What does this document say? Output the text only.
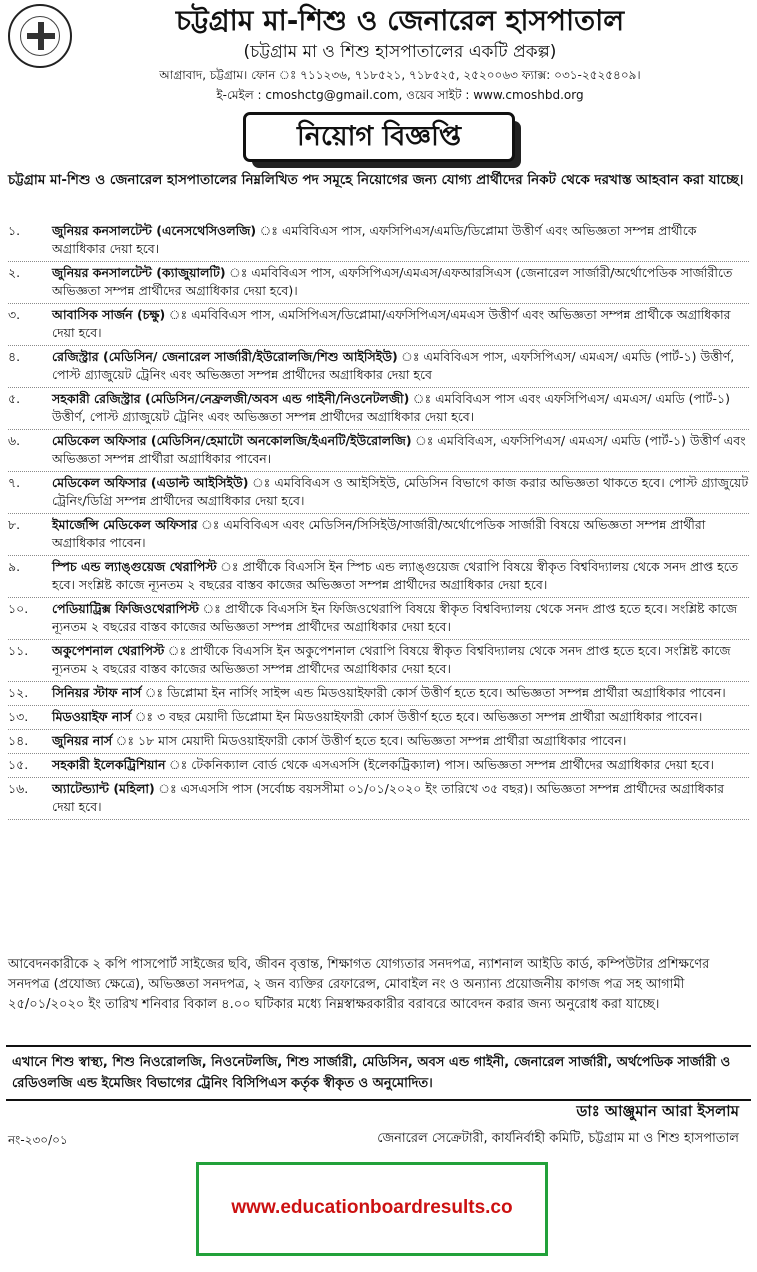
চট্টগ্রাম মা-শিশু ও জেনারেল হাসপাতাল
(চট্টগ্রাম মা ও শিশু হাসপাতালের একটি প্রকল্প)
আগ্রাবাদ, চট্টগ্রাম। ফোন ঃ ৭১১২৩৬, ৭১৮৫২১, ৭১৮৫২৫, ২৫২০০৬৩ ফ্যাক্স: ০৩১-২৫২৫৪০৯।
ই-মেইল : cmoshctg@gmail.com, ওয়েব সাইট : www.cmoshbd.org
নিয়োগ বিজ্ঞপ্তি
চট্টগ্রাম মা-শিশু ও জেনারেল হাসপাতালের নিম্নলিখিত পদ সমূহে নিয়োগের জন্য যোগ্য প্রার্থীদের নিকট থেকে দরখাস্ত আহবান করা যাচ্ছে।
১.	জুনিয়র কনসালটেন্ট (এনেসথেসিওলজি) ঃ এমবিবিএস পাস, এফসিপিএস/এমডি/ডিপ্লোমা উত্তীর্ণ এবং অভিজ্ঞতা সম্পন্ন প্রার্থীকে অগ্রাধিকার দেয়া হবে।
২.	জুনিয়র কনসালটেন্ট (ক্যাজুয়ালটি) ঃ এমবিবিএস পাস, এফসিপিএস/এমএস/এফআরসিএস (জেনারেল সার্জারী/অর্থোপেডিক সার্জারীতে অভিজ্ঞতা সম্পন্ন প্রার্থীদের অগ্রাধিকার দেয়া হবে)।
৩.	আবাসিক সার্জন (চক্ষু) ঃ এমবিবিএস পাস, এমসিপিএস/ডিপ্লোমা/এফসিপিএস/এমএস উত্তীর্ণ এবং অভিজ্ঞতা সম্পন্ন প্রার্থীকে অগ্রাধিকার দেয়া হবে।
৪.	রেজিস্ট্রার (মেডিসিন/ জেনারেল সার্জারী/ইউরোলজি/শিশু আইসিইউ) ঃ এমবিবিএস পাস, এফসিপিএস/ এমএস/ এমডি (পার্ট-১) উত্তীর্ণ, পোস্ট গ্র্যাজুয়েট ট্রেনিং এবং অভিজ্ঞতা সম্পন্ন প্রার্থীদের অগ্রাধিকার দেয়া হবে
৫.	সহকারী রেজিস্ট্রার (মেডিসিন/নেফ্রলজী/অবস এন্ড গাইনী/নিওনেটলজী) ঃ এমবিবিএস পাস এবং এফসিপিএস/ এমএস/ এমডি (পার্ট-১) উত্তীর্ণ, পোস্ট গ্র্যাজুয়েট ট্রেনিং এবং অভিজ্ঞতা সম্পন্ন প্রার্থীদের অগ্রাধিকার দেয়া হবে।
৬.	মেডিকেল অফিসার (মেডিসিন/হেমাটো অনকোলজি/ইএনটি/ইউরোলজি) ঃ এমবিবিএস, এফসিপিএস/ এমএস/ এমডি (পার্ট-১) উত্তীর্ণ এবং অভিজ্ঞতা সম্পন্ন প্রার্থীরা অগ্রাধিকার পাবেন।
৭.	মেডিকেল অফিসার (এডাল্ট আইসিইউ) ঃ এমবিবিএস ও আইসিইউ, মেডিসিন বিভাগে কাজ করার অভিজ্ঞতা থাকতে হবে। পোস্ট গ্র্যাজুয়েট ট্রেনিং/ডিগ্রি সম্পন্ন প্রার্থীদের অগ্রাধিকার দেয়া হবে।
৮.	ইমার্জেন্সি মেডিকেল অফিসার ঃ এমবিবিএস এবং মেডিসিন/সিসিইউ/সার্জারী/অর্থোপেডিক সার্জারী বিষয়ে অভিজ্ঞতা সম্পন্ন প্রার্থীরা অগ্রাধিকার পাবেন।
৯.	স্পিচ এন্ড ল্যাঙ্গুয়েজ থেরাপিস্ট ঃ প্রার্থীকে বিএসসি ইন স্পিচ এন্ড ল্যাঙ্গুয়েজ থেরাপি বিষয়ে স্বীকৃত বিশ্ববিদ্যালয় থেকে সনদ প্রাপ্ত হতে হবে। সংশ্লিষ্ট কাজে ন্যূনতম ২ বছরের বাস্তব কাজের অভিজ্ঞতা সম্পন্ন প্রার্থীদের অগ্রাধিকার দেয়া হবে।
১০.	পেডিয়াট্রিক্স ফিজিওথেরাপিস্ট ঃ প্রার্থীকে বিএসসি ইন ফিজিওথেরাপি বিষয়ে স্বীকৃত বিশ্ববিদ্যালয় থেকে সনদ প্রাপ্ত হতে হবে। সংশ্লিষ্ট কাজে ন্যূনতম ২ বছরের বাস্তব কাজের অভিজ্ঞতা সম্পন্ন প্রার্থীদের অগ্রাধিকার দেয়া হবে।
১১.	অকুপেশনাল থেরাপিস্ট ঃ প্রার্থীকে বিএসসি ইন অকুপেশনাল থেরাপি বিষয়ে স্বীকৃত বিশ্ববিদ্যালয় থেকে সনদ প্রাপ্ত হতে হবে। সংশ্লিষ্ট কাজে ন্যূনতম ২ বছরের বাস্তব কাজের অভিজ্ঞতা সম্পন্ন প্রার্থীদের অগ্রাধিকার দেয়া হবে।
১২.	সিনিয়র স্টাফ নার্স ঃ ডিপ্লোমা ইন নার্সিং সাইন্স এন্ড মিডওয়াইফারী কোর্স উত্তীর্ণ হতে হবে। অভিজ্ঞতা সম্পন্ন প্রার্থীরা অগ্রাধিকার পাবেন।
১৩.	মিডওয়াইফ নার্স ঃ ৩ বছর মেয়াদী ডিপ্লোমা ইন মিডওয়াইফারী কোর্স উত্তীর্ণ হতে হবে। অভিজ্ঞতা সম্পন্ন প্রার্থীরা অগ্রাধিকার পাবেন।
১৪.	জুনিয়র নার্স ঃ ১৮ মাস মেয়াদী মিডওয়াইফারী কোর্স উত্তীর্ণ হতে হবে। অভিজ্ঞতা সম্পন্ন প্রার্থীরা অগ্রাধিকার পাবেন।
১৫.	সহকারী ইলেকট্রিশিয়ান ঃ টেকনিক্যাল বোর্ড থেকে এসএসসি (ইলেকট্রিক্যাল) পাস। অভিজ্ঞতা সম্পন্ন প্রার্থীদের অগ্রাধিকার দেয়া হবে।
১৬.	অ্যাটেন্ড্যান্ট (মহিলা) ঃ এসএসসি পাস (সর্বোচ্চ বয়সসীমা ০১/০১/২০২০ ইং তারিখে ৩৫ বছর)। অভিজ্ঞতা সম্পন্ন প্রার্থীদের অগ্রাধিকার দেয়া হবে।
আবেদনকারীকে ২ কপি পাসপোর্ট সাইজের ছবি, জীবন বৃত্তান্ত, শিক্ষাগত যোগ্যতার সনদপত্র, ন্যাশনাল আইডি কার্ড, কম্পিউটার প্রশিক্ষণের সনদপত্র (প্রযোজ্য ক্ষেত্রে), অভিজ্ঞতা সনদপত্র, ২ জন ব্যক্তির রেফারেন্স, মোবাইল নং ও অন্যান্য প্রয়োজনীয় কাগজ পত্র সহ আগামী ২৫/০১/২০২০ ইং তারিখ শনিবার বিকাল ৪.০০ ঘটিকার মধ্যে নিম্নস্বাক্ষরকারীর বরাবরে আবেদন করার জন্য অনুরোধ করা যাচ্ছে।
এখানে শিশু স্বাস্থ্য, শিশু নিওরোলজি, নিওনেটলজি, শিশু সার্জারী, মেডিসিন, অবস এন্ড গাইনী, জেনারেল সার্জারী, অর্থপেডিক সার্জারী ও রেডিওলজি এন্ড ইমেজিং বিভাগের ট্রেনিং বিসিপিএস কর্তৃক স্বীকৃত ও অনুমোদিত।
ডাঃ আঞ্জুমান আরা ইসলাম
নং-২৩০/০১	জেনারেল সেক্রেটারী, কার্যনির্বাহী কমিটি, চট্টগ্রাম মা ও শিশু হাসপাতাল
www.educationboardresults.co
